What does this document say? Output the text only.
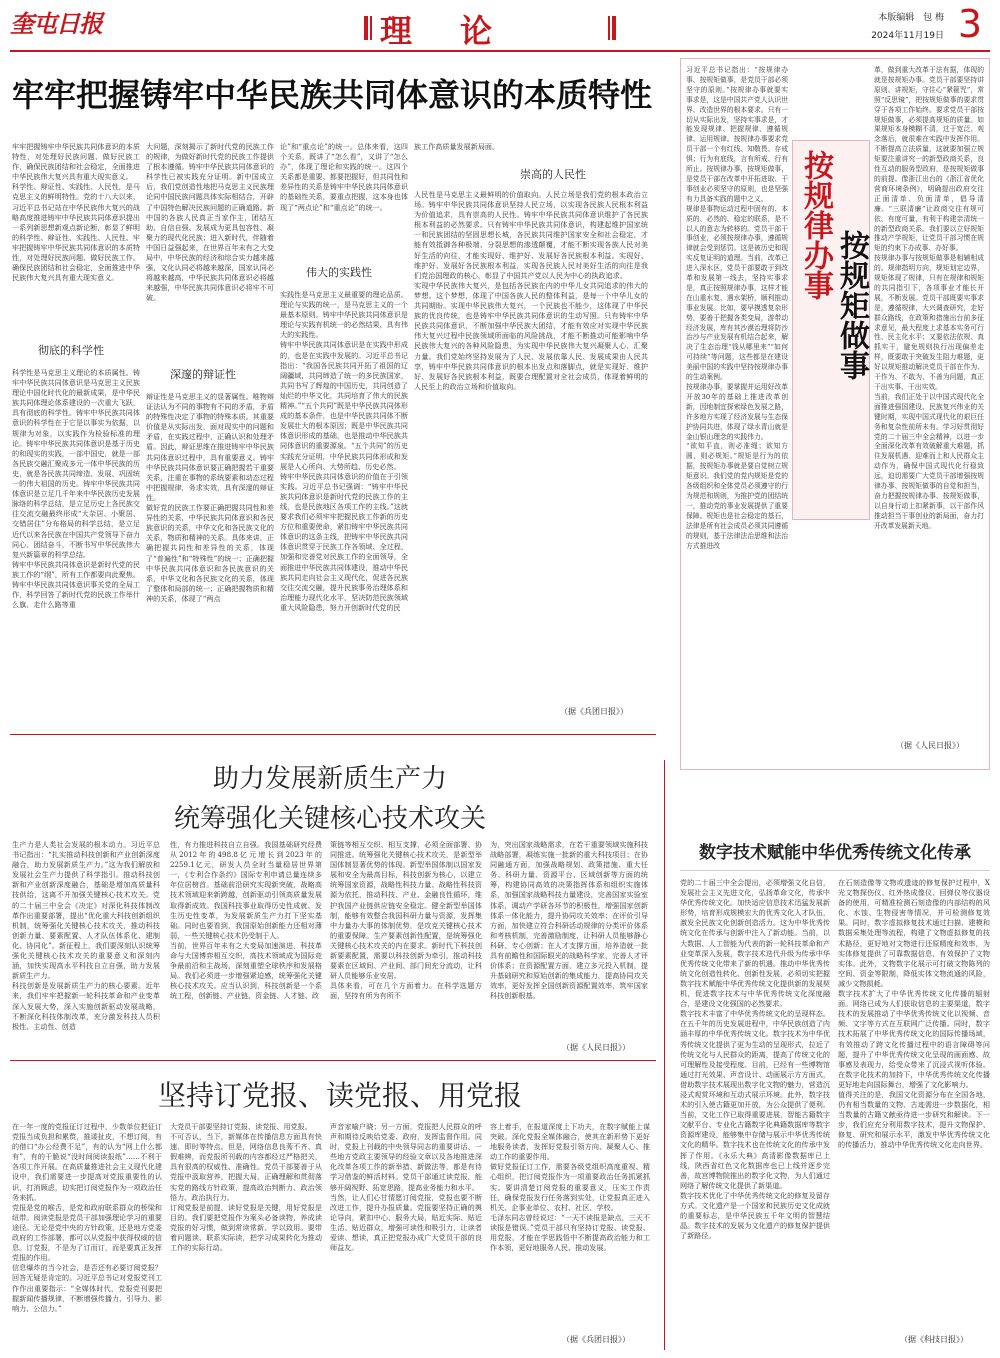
奎屯日报	理论	本版编辑 包 梅
2024年11月19日 3
牢牢把握铸牢中华民族共同体意识的本质特性
牢牢把握铸牢中华民族共同体意识的本质特性，对处理好民族问题、做好民族工作，确保民族团结和社会稳定，全面推进中华民族伟大复兴具有重大现实意义。
科学性、辩证性、实践性、人民性，是马克思主义的鲜明特性。党的十八大以来，习近平总书记站在中华民族伟大复兴的战略高度推进铸牢中华民族共同体意识提出一系列新思想新观点新论断，彰显了鲜明的科学性、辩证性、实践性、人民性。牢牢把握铸牢中华民族共同体意识的本质特性，对处理好民族问题、做好民族工作，确保民族团结和社会稳定，全面推进中华民族伟大复兴具有重大现实意义。
彻底的科学性
科学性是马克思主义理论的本质属性。铸牢中华民族共同体意识是马克思主义民族理论中国化时代化的最新成果，是中华民族共同体理论体系建设的一次重大飞跃，具有彻底的科学性。铸牢中华民族共同体意识的科学性在于它是以事实为依据，以规律为对象，以实践作为检验标准的理论。铸牢中华民族共同体意识是基于历史的和现实的实践，一部中国史，就是一部各民族交融汇聚成多元一体中华民族的历史，就是各民族共同缔造、发展、巩固统一的伟大祖国的历史。铸牢中华民族共同体意识是立足几千年来中华民族历史发展脉络的科学总结，是立足历史上各民族交往交流交融最终形成“大杂居、小聚居、交错居住”分布格局的科学总结，是立足近代以来各民族在中国共产党领导下奋力同心、团结奋斗，不断书写中华民族伟大复兴新篇章的科学总结。
铸牢中华民族共同体意识是新时代党的民族工作的“纲”，所有工作都要向此聚焦。铸牢中华民族共同体意识事关党的全局工作，科学回答了新时代党的民族工作举什么旗、走什么路等重
大问题，深刻揭示了新时代党的民族工作的规律，为做好新时代党的民族工作提供了根本遵循。铸牢中华民族共同体意识的科学性已被实践充分证明。新中国成立后，我们党创造性地把马克思主义民族理论同中国民族问题具体实际相结合，开辟了中国特色解决民族问题的正确道路。新中国的各族人民真正当家作主，团结互助、自信自强、发展成为更具包容性、凝聚力的现代化民族；进入新时代，伴随着中国日益强起来，在世界百年未有之大变局中，中华民族的经济和综合实力越来越强，文化认同必将越来越深，国家认同必将越来越高，中华民族共同体意识必将越来越强，中华民族共同体意识必将牢不可破。
深邃的辩证性
辩证性是马克思主义的显著属性。唯物辩证法认为不同的事物有不同的矛盾，矛盾的特殊性决定了事物的特殊本质。其重要价值是从实际出发，面对现实中的问题和矛盾，在实践过程中，正确认识和处理矛盾。因此，辩证思维在推进铸牢中华民族共同体意识过程中，具有重要意义。铸牢中华民族共同体意识要正确把握若干重要关系，注重在事物的系统要素和动态过程中把握规律，务求实效，具有深邃的辩证性。
做好党的民族工作要正确把握共同性和差异性的关系，中华民族共同体意识和各民族意识的关系，中华文化和各民族文化的关系，物质和精神的关系。具体来讲，正确把握共同性和差异性的关系，体现了“普遍性”和“特殊性”的统一；正确把握中华民族共同体意识和各民族意识的关系，中华文化和各民族文化的关系，体现了整体和局部的统一；正确把握物质和精神的关系，体现了“两点
论”和“重点论”的统一。总体来看，这四个关系，既讲了“怎么看”，又讲了“怎么办”，体现了理论和实践的统一。这四个关系都是重要、都要把握好，但共同性和差异性的关系是铸牢中华民族共同体意识的基础性关系，要重点把握，这本身也体现了“两点论”和“重点论”的统一。
伟大的实践性
实践性是马克思主义最重要的理论品质。理论与实践的统一，是马克思主义的一个最基本原则。铸牢中华民族共同体意识是理论与实践有机统一的必然结果，具有伟大的实践性。
铸牢中华民族共同体意识是在实践中形成的，也是在实践中发展的。习近平总书记指出：“我国各民族共同开拓了祖国的辽阔疆域，共同缔造了统一的多民族国家，共同书写了辉煌的中国历史，共同创造了灿烂的中华文化，共同培育了伟大的民族精神。”“五个共同”既是中华民族共同体形成的基本条件，也是中华民族共同体不断发展壮大的根本原因；既是中华民族共同体意识形成的基础，也是推动中华民族共同体意识的重要源泉。“五个共同”的历史实践充分证明，中华民族共同体形成和发展是人心所向、大势所趋、历史必然。
铸牢中华民族共同体意识的价值在于引领实践。习近平总书记强调：“铸牢中华民族共同体意识是新时代党的民族工作的主线，也是民族地区各项工作的主线。”这就要求我们必须牢牢把握民族工作新的历史方位和重要使命，紧扣铸牢中华民族共同体意识的这条主线，把铸牢中华民族共同体意识贯穿于民族工作各领域、全过程，加强和完善党对民族工作的全面领导，全面推进中华民族共同体建设，推动中华民族共同走向社会主义现代化，促进各民族交往交流交融，提升民族事务治理体系和治理能力现代化水平，坚决防范民族领域重大风险隐患，努力开创新时代党的民
族工作高质量发展新局面。
崇高的人民性
人民性是马克思主义最鲜明的价值取向。人民立场是我们党的根本政治立场。铸牢中华民族共同体意识坚持人民立场，以实现各民族人民根本利益为价值追求，具有崇高的人民性。铸牢中华民族共同体意识维护了各民族根本利益的必然要求。只有铸牢中华民族共同体意识，构建起维护国家统一和民族团结的坚固思想长城，各民族共同维护国家安全和社会稳定，才能有效抵御各种极端、分裂思想的渗透颠覆，才能不断实现各族人民对美好生活的向往，才能实现好、维护好、发展好各民族根本利益。实现好、维护好、发展好各民族根本利益，实现各民族人民对美好生活的向往是我们党治国理政的核心，彰显了中国共产党以人民为中心的执政追求。
实现中华民族伟大复兴，是包括各民族在内的中华儿女共同追求的伟大的梦想。这个梦想，体现了中国各族人民的整体利益，是每一个中华儿女的共同期盼。实现中华民族伟大复兴，一个民族也不能少，这体现了中华民族的优良传统，也是铸牢中华民族共同体意识的生动写照。只有铸牢中华民族共同体意识，不断加强中华民族大团结，才能有效应对实现中华民族伟大复兴过程中民族领域所面临的风险挑战，才能不断推动可能影响中华民族伟大复兴的各种风险隐患，为实现中华民族伟大复兴凝聚人心、汇聚力量。我们党始终坚持发展为了人民、发展依靠人民、发展成果由人民共享，铸牢中华民族共同体意识的根本出发点和落脚点，就是实现好、维护好、发展好各民族根本利益，既要合理配置对全社会成员，体现着鲜明的人民至上的政治立场和价值取向。
（据《兵团日报》）
按规律办事
按规矩做事
习近平总书记指出：“按规律办事、按规矩做事，是党员干部必须坚守的原则。”按规律办事就要实事求是，这是中国共产党人认识世界、改造世界的根本要求。只有一切从实际出发，坚持实事求是，才能发现规律、把握规律、遵循规律、运用规律。按规律办事要求党员干部一个有红线、知敬畏、存戒惧；行为有底线，言有所戒、行有所止。按规律办事，按规矩做事，是党员干部在改革中开拓进取、干事创业必须坚守的原则，也是坚强有力具备实践的题中之义。
规律是事物运动过程中固有的、本质的、必然的、稳定的联系，是不以人的意志为转移的。党员干部干事创业，必须按规律办事，遵循规律就会受到惩罚。这是被历史和现实反复证明的道理。当前，改革已进入深水区，党员干部要敢于到改革和发展第一线去，坚持实事求是，真正按照规律办事，这样才能在山重水复、遇水架桥，顺利推动事业发展。比如，要早摸透复杂形势，要善于把握各类变局，游带动经济发展，库有其沙漠治理将防沙治沙与产业发展有机结合起来，解决了生态治理“钱从哪里来”“如何可持续”等问题，这些都是在建设美丽中国的实践中坚持按规律办事的生动案例。
按规律办事，要掌握并运用好改革开放30年的基础上推进改革创新，因地制宜探索绿色发展之路，许多地方实现了经济发展与生态保护协同共进，体现了绿水青山就是金山银山理念的实践伟力。
“欲知平直，则必准绳；欲知方圆，则必规矩。”规矩是行为的依据，按规矩办事就是要自觉树立规矩意识。我们党的党内规矩是党的各级组织和全体党员必须遵守的行为规范和规则，为推护党的团结统一，推动党的事业发展提供了重要保障。规矩也是社会稳定的基石，法律是所有社会成员必须共同遵循的规则，基于法律法治思维和法治方式推进改
革，做到重大改革于法有据，体现的就是按规矩办事。党员干部要坚持讲原则、讲规矩，守住心“紧箍咒”，常照“反思镜”，把按规矩做事的要求贯穿于各项工作始终。要求党员干部按规矩做事，必须提高规矩的质量。如果规矩本身模糊不清，过于宽泛、观念落后，就很难在实践中发挥作用。不断提高立法质量，这就要加强立规矩要注重讲究一的新型政商关系，良性互动的服务型政府，是按规矩做事的前提。像浙江出台的《浙江省优化营商环境条例》，明确提出政府交往正面清单、负面清单，倡导清廉、“三联清廉”让政商交往有规可依、有度可量，有利于构建亲清统一的新型政商关系。我们要以立好规矩推动产学规矩，让党员干部习惯在规矩的约束下办成事、办好事。
按规律办事与按规矩做事是相辅相成的。规律指明方向，规矩划定边界，规矩体现了规律，只有在规律和规矩的共同指引下，各项事业才能长开展，不断发展。党员干部既要实事求是，遵循规律，大兴调查研究，走好群众路线，在政策和措施出台前多征求意见，最大程度上求基本实务可行性、民主化水平；又要依法依规、真抓实干，避免规则执行出现偏差走样，既要敢于突破发生阻力难题，更好以规矩推动解决党员干部在作为、干作为、不敢为、不善为问题，真正干出实事、干出实效。
当前，我们正处于以中国式现代化全面推进强国建设、民族复兴伟业的关键时期，实现中国式现代化的艰巨任务和复杂性前所未有。学习好贯彻好党的二十届三中全会精神，以进一步全面深化改革有效破解重大难题，抓住发展机遇、迎难而上和人民群众主动作为，确保中国式现代化行稳致远，迫切需要广大党员干部增强按规律办事、按规矩做事的自觉和担当，奋力把握按规律办事、按规矩做事，以自身行动上扣紧新事，以干部作风推动担当干事创业的新局面，奋力打开改革发展新天地。
（据《人民日报》）
助力发展新质生产力
统筹强化关键核心技术攻关
生产力是人类社会发展的根本动力。习近平总书记指出：“扎实推动科技创新和产业创新深度融合，助力发展新质生产力。”这为我们解放和发展社会生产力提供了科学指引。推动科技创新和产业创新深度融合，基础是增加高质量科技供给，这离不开加强关键核心技术攻关。党的二十届三中全会《决定》对深化科技体制改革作出重要部署，提出“优化重大科技创新组织机制，统筹强化关键核心技术攻关，推动科技创新力量、要素配置、人才队伍体系化、建制化、协同化”。新征程上，我们要深刻认识统筹强化关键核心技术攻关的重要意义和深刻内涵，加快实现高水平科技自立自强，助力发展新质生产力。
科技创新是发展新质生产力的核心要素。近年来，我们牢牢把握新一轮科技革命和产业变革深入发展大势，深入实施创新驱动发展战略，不断深化科技体制改革，充分激发科技人员积极性、主动性、创造
性，有力推进科技自立自强。我国基础研究经费从2012年的498.8亿元增长到2023年的2259.1亿元，研发人员全时当量稳居世界第一，《专利合作条约》国际专利申请总量连续多年位居榜首。基础前沿研究实现新突破，战略高技术领域迎来新跨越，创新驱动引领高质量发展取得新成效。我国科技事业取得历史性成就、发生历史性变革，为发展新质生产力打下坚实基础。同时也要看到，我国原始创新能力还相对薄弱，一些关键核心技术仍受制于人。
当前，世界百年未有之大变局加速演进，科技革命与大国博弈相互交织，高技术领域成为国际竞争最前沿和主战场，深刻重塑全球秩序和发展格局。我们必须进一步增强紧迫感，统筹强化关键核心技术攻关。应当认识到，科技创新是一个系统工程，创新链、产业链、资金链、人才链、政
策链等相互交织、相互支撑，必须全面部署、协同推进。统筹强化关键核心技术攻关，是新型举国体制显著优势的体现。新型举国体制以国家发展和安全为最高目标，科技创新为核心，以建立统筹国家资源，战略性科技力量、战略性科技资源为依托，推动科技、产业、金融良性循环，维护我国产业链供应链安全稳定。健全新型举国体制，能够有效整合我国科研力量与资源，发挥集中力量办大事的体制优势，是攻克关键核心技术的重要保障。生产要素创新性配置，是统筹强化关键核心技术攻关的内在要求。新时代下科技创新要素配置，需要以科技创新为牵引，推动科技要素在区域间、产业间、部门间充分流动，让科研人员能够乐业安居。
具体来看，可在几个方面着力。在科学选题方面，坚持有所为有所不
为，突出国家战略需求，在若干重要领域实施科技战略部署，凝练实施一批新的重大科技项目；在协同融通方面，加强战略规划、政策措施、重大任务、科研力量、资源平台、区域创新等方面的统筹，构建协同高效的决策指挥体系和组织实施体系，加强国家战略科技力量建设，完善国家实验室体系，调动产学研各环节的积极性，增强国家创新体系一体化能力，提升协同攻关效率；在评价引导方面，加快建立符合科研活动规律的分类评价体系和考核机制，完善激励制度，让科研人员能够静心科研、专心创新；在人才支撑方面，培养造就一批具有前瞻性和国际眼光的战略科学家，完善人才评价体系；在资源配置方面，建立多元投入机制，提升基础研究和原始创新的集成能力，提高协同攻关效率，更好发挥全国创新资源配置效率，筑牢国家科技创新根基。
（据《人民日报》）
坚持订党报、读党报、用党报
在一年一度的党报征订过程中，少数单位把征订党报当成负担和累赘，推诿扯皮，不想订阅，有的借口“办公经费不足”，有的认为“网上什么都有”，有的干脆说“没时间阅读报纸”……不利于各项工作开展。在高质量推进社会主义现代化建设中，我们需要进一步提高对党报重要性的认识，打消顾虑，切实把订阅党报作为一项政治任务来抓。
党报是党的喉舌，是党和政府联系群众的桥梁和纽带。阅读党报是党员干部加强理论学习的重要途径。无论是党中央的方针政策，还是地方党委政府的工作部署，都可以从党报中获得权威的信息。订党报，不是为了订而订，而是要真正发挥党报的作用。
信息爆炸的当今社会，是否还有必要订阅党报？回答无疑是肯定的。习近平总书记对党报党刊工作作出重要指示：“全媒体时代，党报党刊要把握新闻传播规律，不断增强传播力、引导力、影响力、公信力。”
大党员干部要坚持订党报、读党报、用党报。
不可否认，当下，新媒体在传播信息方面具有快速、即时等特点。但是，网络信息良莠不齐、真假难辨，而党报所刊载的内容都经过严格把关，具有很高的权威性、准确性。党员干部要善于从党报中汲取营养，把握大局，正确理解和贯彻落实党的路线方针政策，提高政治判断力、政治领悟力、政治执行力。
订阅党报是前提，读好党报是关键，用好党报是目的。我们要把党报作为案头必备读物，养成读党报的好习惯，做到常读常新、学以致用。要带着问题读、联系实际读，把学习成果转化为推动工作的实际行动。
声音家喻户晓；另一方面，党报把人民群众的呼声和期待反映给党委、政府，发挥监督作用。同时，党报上刊载的中央领导同志的重要讲话、一些地方党政主要领导的经验文章以及各地推进深化改革各项工作的新举措、新做法等，都是有待学习借鉴的鲜活材料。党员干部通过读党报，能够开阔视野、拓宽思路，提高业务能力和水平。
当然，让人们心甘情愿订阅党报，党报也要不断改进工作，提升办报质量。党报要坚持正确的舆论导向，紧扣中心、服务大局，贴近实际、贴近生活、贴近群众，增强可读性和吸引力，让读者爱读、想读，真正把党报办成广大党员干部的良师益友。
容上着手，在报道深度上下功夫，在数字赋能上谋突破。深化党报全媒体融合，使其在新形势下更好地服务读者，发挥好党报引领方向、凝聚人心、推动工作的重要作用。
做好党报征订工作，需要各级党组织高度重视、精心组织，把订阅党报作为一项重要政治任务抓紧抓实。要讲清楚订阅党报的重要意义，压实工作责任，确保党报发行任务落到实处，让党报真正进入机关、企事业单位、农村、社区、学校。
毛泽东同志曾经说过：“一天不读报是缺点，三天不读报是错误。”党员干部只有坚持订党报、读党报、用党报，才能在学思践悟中不断提高政治能力和工作本领，更好地服务人民、推动发展。
（据《兵团日报》）
数字技术赋能中华优秀传统文化传承
党的二十届三中全会提出，必须增强文化自信，发展社会主义先进文化，弘扬革命文化，传承中华优秀传统文化。加快适应信息技术迅猛发展新形势，培育形成规模宏大的优秀文化人才队伍，激发全民族文化创新创造活力。这为中华优秀传统文化在传承与创新中注入了新动能。当前，以大数据、人工智能为代表的新一轮科技革命和产业变革深入发展，数字技术迭代升级为传承中华优秀传统文化带来了新的机遇。推动中华优秀传统文化创造性转化、创新性发展，必须切实把握数字技术赋能中华优秀传统文化提供新的发展契机，促进数字技术与中华优秀传统文化深度融合，是建设文化强国的必然要求。
数字技术丰富了中华优秀传统文化的呈现样态。在五千年的历史发展进程中，中华民族创造了内涵丰厚的中华优秀传统文化。数字技术为中华优秀传统文化提供了更为生动的呈现形式，拉近了传统文化与人民群众的距离，提高了传统文化的可理解性及接受程度。目前，已经有一些博物馆通过打光效果、声音设计、动画展示方方面式，借助数字技术展现出数字化文物的魅力，营造沉浸式观赏环境和互动式展示环境。此外，数字技术的引入使古籍更加开放，为公众提供了便利。当前，文化工作已取得重要进展，智能古籍数字文献平台、专业化古籍数字化典籍数据库等数字资源库建设，能够集中存储与展示中华优秀传统文化的精华。数字技术也在传统文化的传承中发挥了作用。《永乐大典》高清影像数据库已上线，陕西省红色文化数据库也已上线并逐步完善，故宫博物院推出的数字化文物，为人们通过网络了解传统文化提供了新渠道。
数字技术优化了中华优秀传统文化的修复及留存方式。文化遗产是一个国家和民族历史文化成就的重要标志，是中华民族五千年文明的智慧结晶。数字技术的发展为文化遗产的修复保护提供了新路径。
在石刻造像等文物或遗迹的修复保护过程中，X光文物探伤仪、红外热成像仪、回弹仪等仪器设备的使用，可精准检测石刻造像的内部结构的风化、水蚀、生物侵害等情况，并可检测修复效果。同时，数字虚拟修复技术通过扫描、建模和数据采集处理等流程，构建了文物虚拟修复的技术路径，更好地对文物进行还原精度和效率，为实体修复提供了可靠数据信息，有效保护了文物实体。此外，文物数字化展示可打破文物陈列的空间、资金等限制，降低实体文物流通的风险，减少文物损耗。
数字技术扩大了中华优秀传统文化传播的辐射面。网络已成为人们获取信息的主要渠道，数字技术的发展推动了中华优秀传统文化以视频、音频、文字等方式在互联网广泛传播。同时，数字技术拓展了中华优秀传统文化的国际传播场域，有效推动了跨文化传播过程中的语言障碍等问题，提升了中华优秀传统文化呈现的画面感、故事感及表现力，给受众带来了沉浸式视听体验。在数字化技术的加持下，中华优秀传统文化传播更好地走向国际舞台，增强了文化影响力。
值得关注的是，我国文化资源分布在全国各地，仍有相当数量的文物、古迹需进一步数据化，相当数量的古籍文献亟待进一步研究和解读。下一步，我们应充分利用数字技术，提升文物保护、修复、研究和展示水平，激发中华优秀传统文化的传播活力，推动中华优秀传统文化走向世界。
（据《科技日报》）
